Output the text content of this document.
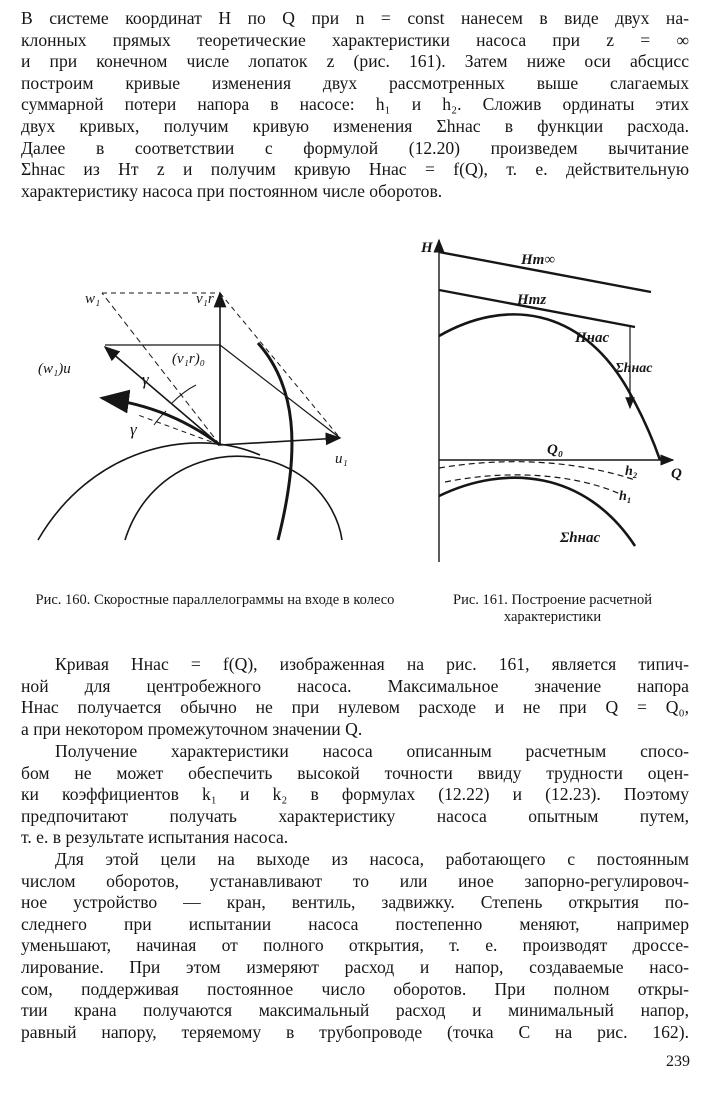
В системе координат H по Q при n = const нанесем в виде двух на-
клонных прямых теоретические характеристики насоса при z = ∞
и при конечном числе лопаток z (рис. 161). Затем ниже оси абсцисс
построим кривые изменения двух рассмотренных выше слагаемых
суммарной потери напора в насосе: h₁ и h₂. Сложив ординаты этих
двух кривых, получим кривую изменения Σhнас в функции расхода.
Далее в соответствии с формулой (12.20) произведем вычитание
Σhнас из Hт z и получим кривую Hнас = f(Q), т. е. действительную
характеристику насоса при постоянном числе оборотов.

w₁	v₁r
(w₁)u
(v₁r)₀
γ
γ
u₁
H
Q
Hт∞
Hтz
Hнас
Σhнас
Q₀
h₂
h₁
Σhнас
Рис. 160. Скоростные параллелограммы на входе в колесо	Рис. 161. Построение расчетной характеристики

Кривая Hнас = f(Q), изображенная на рис. 161, является типич-
ной для центробежного насоса. Максимальное значение напора
Hнас получается обычно не при нулевом расходе и не при Q = Q₀,
а при некотором промежуточном значении Q.

Получение характеристики насоса описанным расчетным спосо-
бом не может обеспечить высокой точности ввиду трудности оцен-
ки коэффициентов k₁ и k₂ в формулах (12.22) и (12.23). Поэтому
предпочитают получать характеристику насоса опытным путем,
т. е. в результате испытания насоса.

Для этой цели на выходе из насоса, работающего с постоянным
числом оборотов, устанавливают то или иное запорно-регулировоч-
ное устройство — кран, вентиль, задвижку. Степень открытия по-
следнего при испытании насоса постепенно меняют, например
уменьшают, начиная от полного открытия, т. е. производят дроссе-
лирование. При этом измеряют расход и напор, создаваемые насо-
сом, поддерживая постоянное число оборотов. При полном откры-
тии крана получаются максимальный расход и минимальный напор,
равный напору, теряемому в трубопроводе (точка C на рис. 162).

239
